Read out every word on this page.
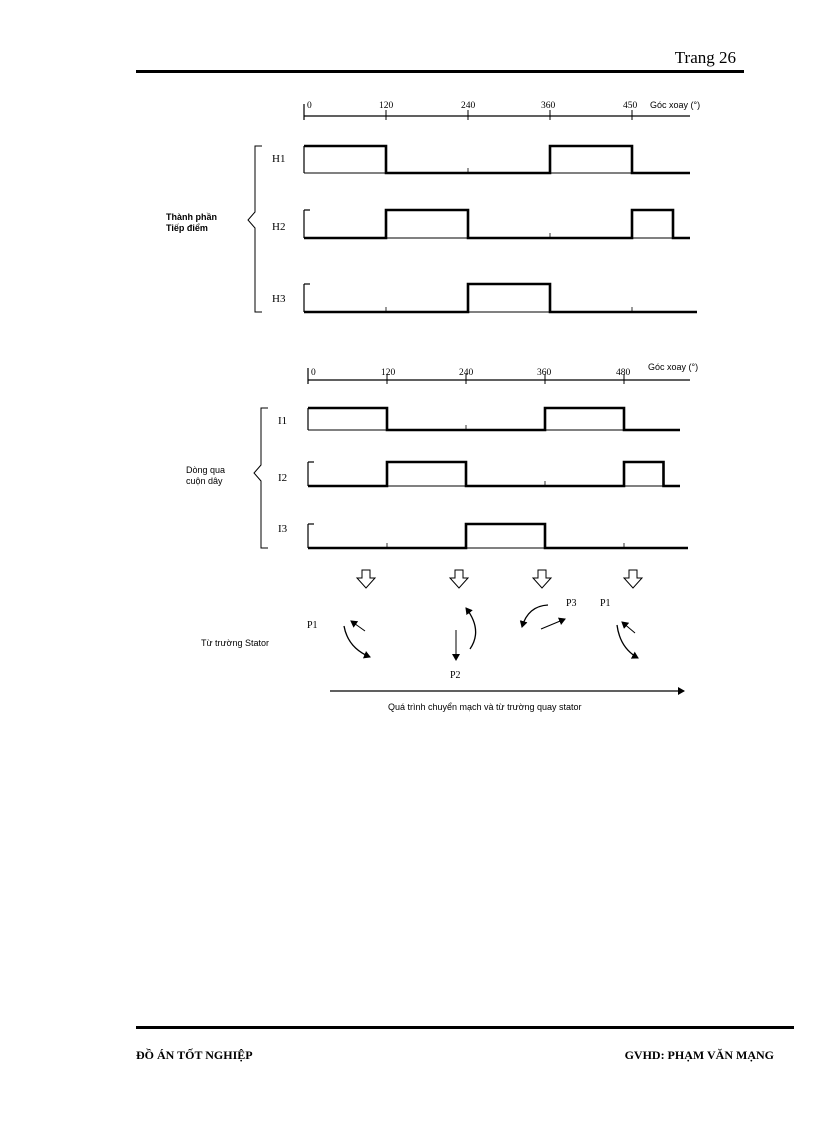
Trang 26
Góc xoay (°)
0	120	240	360	450
Thành phần
Tiếp điểm
H1
H2
H3
Góc xoay (°)
0	120	240	360	480
Dòng qua
cuộn dây
I1
I2
I3
Từ trường Stator
P1
P2
P3 P1
Quá trình chuyển mạch và từ trường quay stator
ĐỒ ÁN TỐT NGHIỆP	GVHD: PHẠM VĂN MẠNG
